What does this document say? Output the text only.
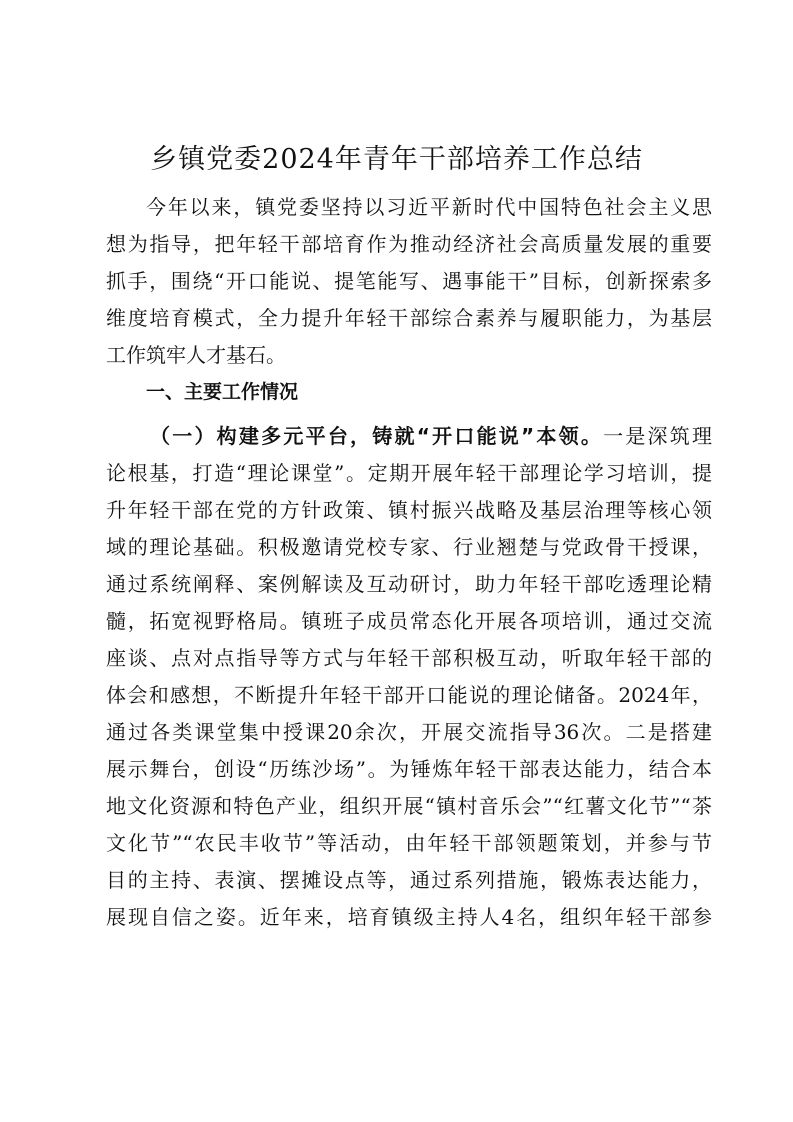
乡镇党委2024年青年干部培养工作总结
今年以来，镇党委坚持以习近平新时代中国特色社会主义思
想为指导，把年轻干部培育作为推动经济社会高质量发展的重要
抓手，围绕“开口能说、提笔能写、遇事能干”目标，创新探索多
维度培育模式，全力提升年轻干部综合素养与履职能力，为基层
工作筑牢人才基石。
一、主要工作情况
（一）构建多元平台，铸就“开口能说”本领。一是深筑理
论根基，打造“理论课堂”。定期开展年轻干部理论学习培训，提
升年轻干部在党的方针政策、镇村振兴战略及基层治理等核心领
域的理论基础。积极邀请党校专家、行业翘楚与党政骨干授课，
通过系统阐释、案例解读及互动研讨，助力年轻干部吃透理论精
髓，拓宽视野格局。镇班子成员常态化开展各项培训，通过交流
座谈、点对点指导等方式与年轻干部积极互动，听取年轻干部的
体会和感想，不断提升年轻干部开口能说的理论储备。2024年，
通过各类课堂集中授课20余次，开展交流指导36次。二是搭建
展示舞台，创设“历练沙场”。为锤炼年轻干部表达能力，结合本
地文化资源和特色产业，组织开展“镇村音乐会”“红薯文化节”“茶
文化节”“农民丰收节”等活动，由年轻干部领题策划，并参与节
目的主持、表演、摆摊设点等，通过系列措施，锻炼表达能力，
展现自信之姿。近年来，培育镇级主持人4名，组织年轻干部参
